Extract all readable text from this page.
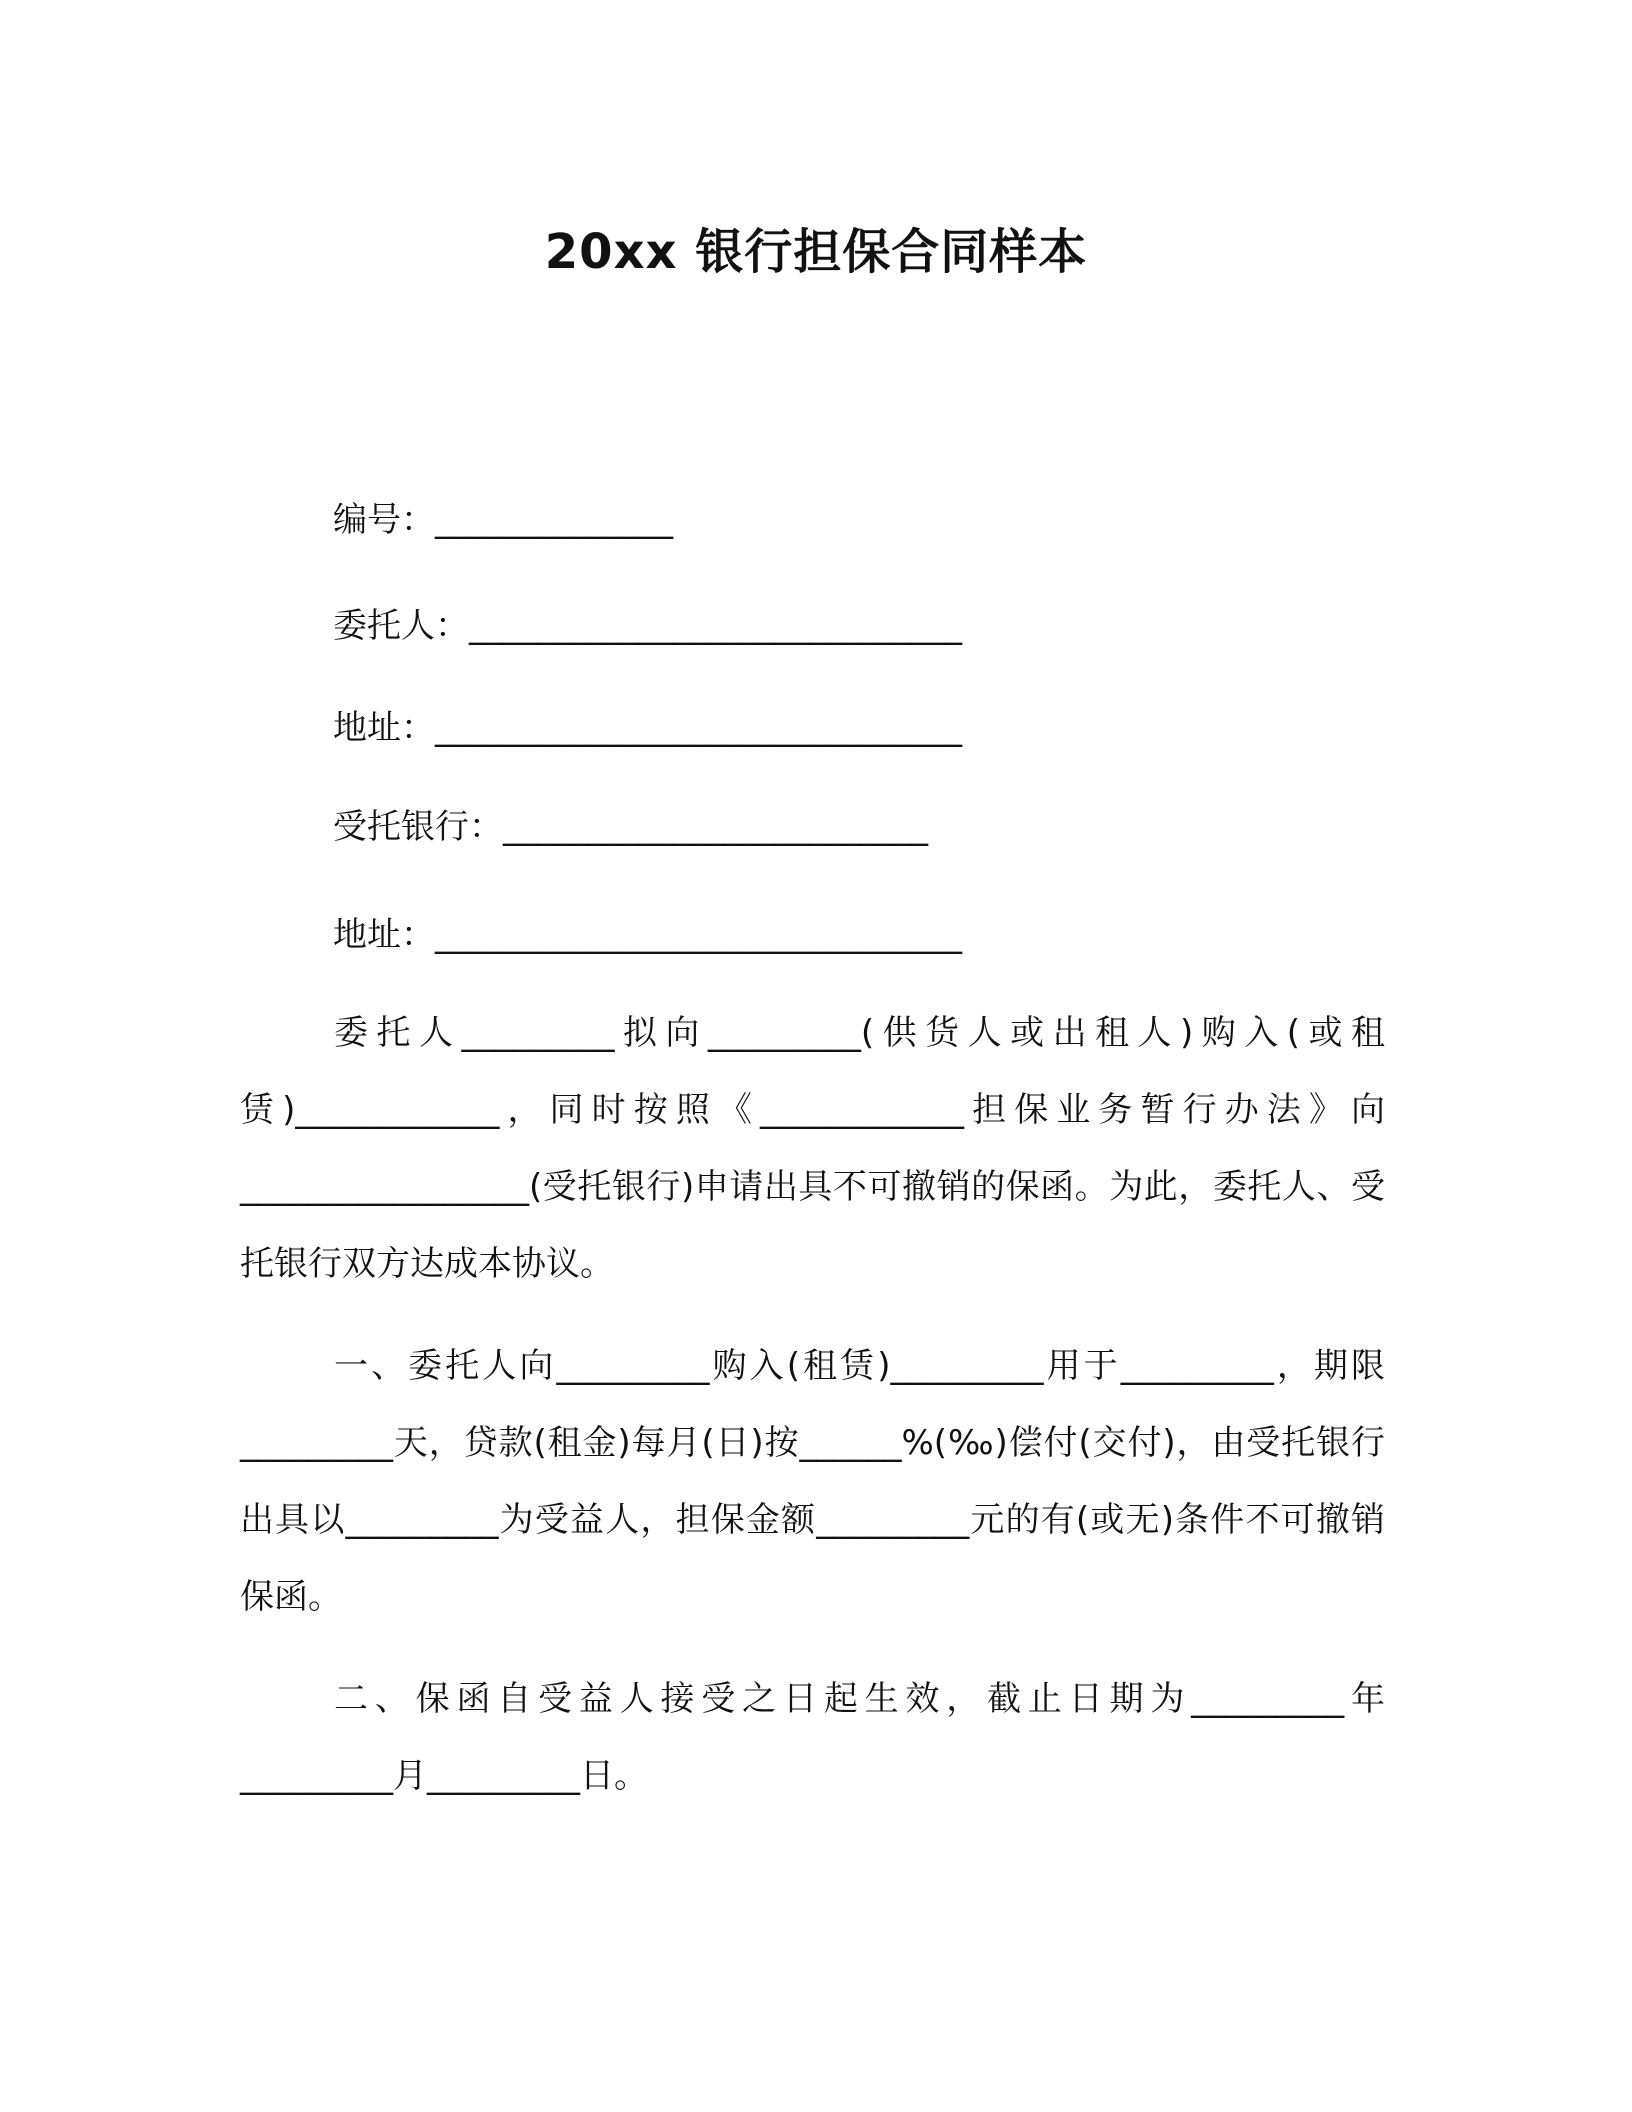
20xx 银行担保合同样本
编号：______________
委托人：_____________________________
地址：_______________________________
受托银行：_________________________
地址：_______________________________
委托人_________拟向_________(供货人或出租人)购入(或租赁)____________，同时按照《____________担保业务暂行办法》向_________________(受托银行)申请出具不可撤销的保函。为此，委托人、受托银行双方达成本协议。
一、委托人向_________购入(租赁)_________用于_________，期限_________天，贷款(租金)每月(日)按______%(‰)偿付(交付)，由受托银行出具以_________为受益人，担保金额_________元的有(或无)条件不可撤销保函。
二、保函自受益人接受之日起生效，截止日期为_________年_________月_________日。
